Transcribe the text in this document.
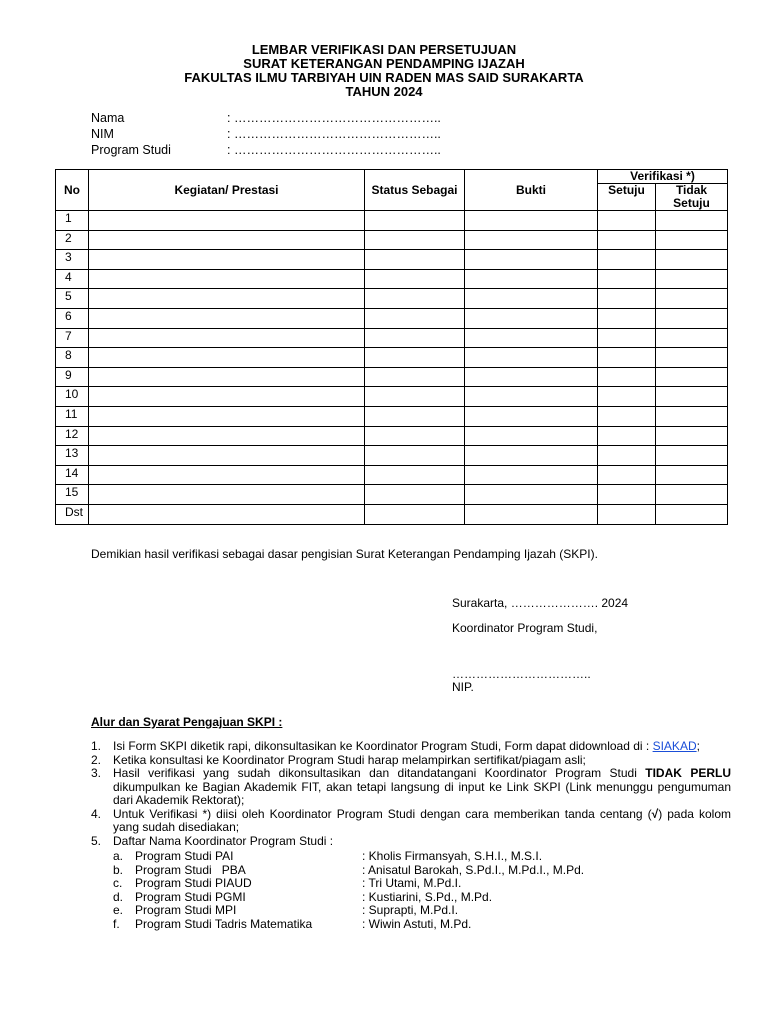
LEMBAR VERIFIKASI DAN PERSETUJUAN
SURAT KETERANGAN PENDAMPING IJAZAH
FAKULTAS ILMU TARBIYAH UIN RADEN MAS SAID SURAKARTA
TAHUN 2024
Nama	: …………………………………………..
NIM	: …………………………………………..
Program Studi	: …………………………………………..
No	Kegiatan/ Prestasi	Status Sebagai	Bukti	Verifikasi *)	
				Setuju	Tidak Setuju
1					
2					
3					
4					
5					
6					
7					
8					
9					
10					
11					
12					
13					
14					
15					
Dst					
Demikian hasil verifikasi sebagai dasar pengisian Surat Keterangan Pendamping Ijazah (SKPI).
Surakarta, …………………. 2024
Koordinator Program Studi,
……………………………..
NIP.
Alur dan Syarat Pengajuan SKPI :
1. Isi Form SKPI diketik rapi, dikonsultasikan ke Koordinator Program Studi, Form dapat didownload di : SIAKAD;
2. Ketika konsultasi ke Koordinator Program Studi harap melampirkan sertifikat/piagam asli;
3. Hasil verifikasi yang sudah dikonsultasikan dan ditandatangani Koordinator Program Studi TIDAK PERLU dikumpulkan ke Bagian Akademik FIT, akan tetapi langsung di input ke Link SKPI (Link menunggu pengumuman dari Akademik Rektorat);
4. Untuk Verifikasi *) diisi oleh Koordinator Program Studi dengan cara memberikan tanda centang (√) pada kolom yang sudah disediakan;
5. Daftar Nama Koordinator Program Studi :
a. Program Studi PAI	: Kholis Firmansyah, S.H.I., M.S.I.
b. Program Studi   PBA	: Anisatul Barokah, S.Pd.I., M.Pd.I., M.Pd.
c. Program Studi PIAUD	: Tri Utami, M.Pd.I.
d. Program Studi PGMI	: Kustiarini, S.Pd., M.Pd.
e. Program Studi MPI	: Suprapti, M.Pd.I.
f. Program Studi Tadris Matematika	: Wiwin Astuti, M.Pd.
